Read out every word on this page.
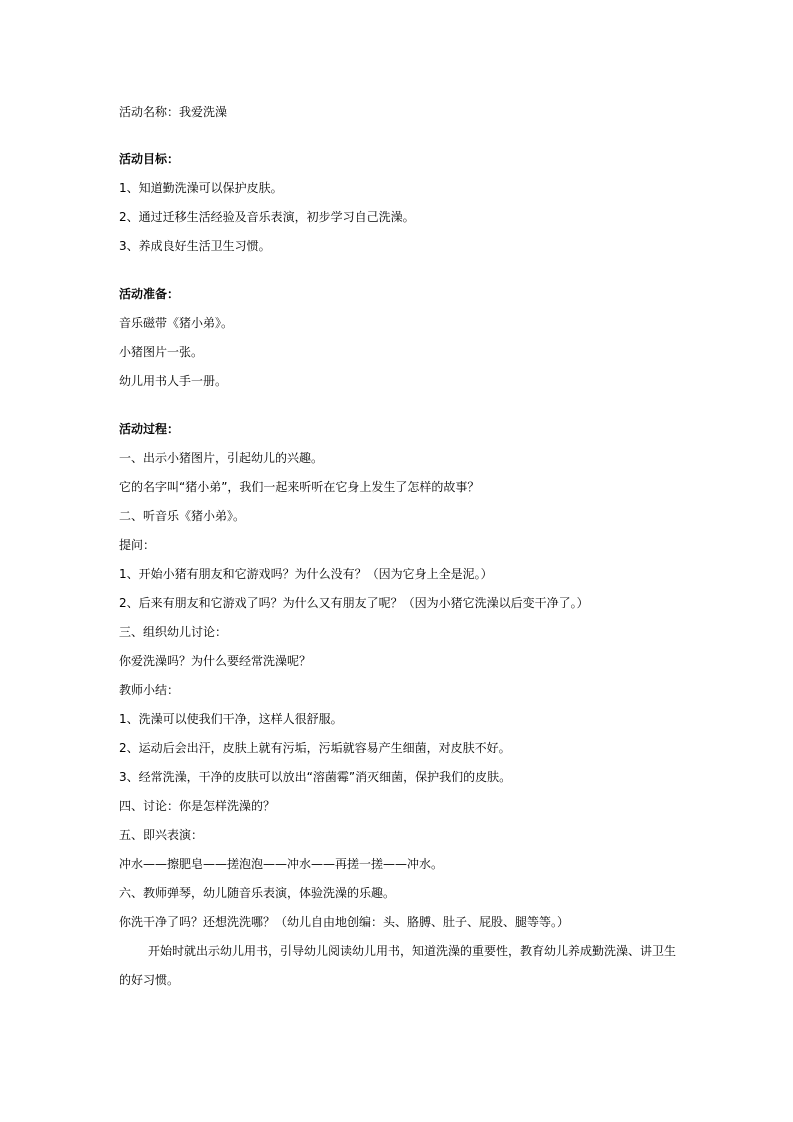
活动名称：我爱洗澡
活动目标：
1、知道勤洗澡可以保护皮肤。
2、通过迁移生活经验及音乐表演，初步学习自己洗澡。
3、养成良好生活卫生习惯。
活动准备：
音乐磁带《猪小弟》。
小猪图片一张。
幼儿用书人手一册。
活动过程：
一、出示小猪图片，引起幼儿的兴趣。
它的名字叫“猪小弟”，我们一起来听听在它身上发生了怎样的故事？
二、听音乐《猪小弟》。
提问：
1、开始小猪有朋友和它游戏吗？为什么没有？（因为它身上全是泥。）
2、后来有朋友和它游戏了吗？为什么又有朋友了呢？（因为小猪它洗澡以后变干净了。）
三、组织幼儿讨论：
你爱洗澡吗？为什么要经常洗澡呢？
教师小结：
1、洗澡可以使我们干净，这样人很舒服。
2、运动后会出汗，皮肤上就有污垢，污垢就容易产生细菌，对皮肤不好。
3、经常洗澡，干净的皮肤可以放出“溶菌霉”消灭细菌，保护我们的皮肤。
四、讨论：你是怎样洗澡的？
五、即兴表演：
冲水——擦肥皂——搓泡泡——冲水——再搓一搓——冲水。
六、教师弹琴，幼儿随音乐表演，体验洗澡的乐趣。
你洗干净了吗？还想洗洗哪？（幼儿自由地创编：头、胳膊、肚子、屁股、腿等等。）
开始时就出示幼儿用书，引导幼儿阅读幼儿用书，知道洗澡的重要性，教育幼儿养成勤洗澡、讲卫生的好习惯。
